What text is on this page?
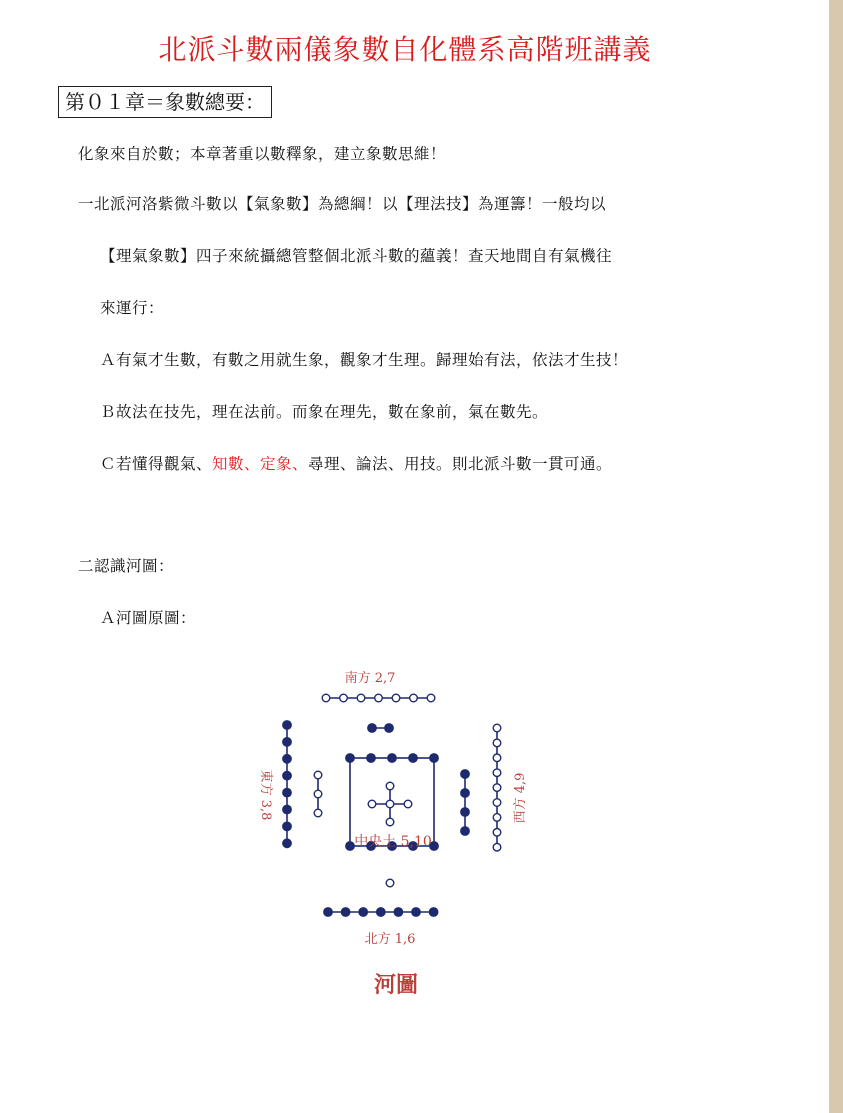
北派斗數兩儀象數自化體系高階班講義
第０１章＝象數總要：
化象來自於數；本章著重以數釋象，建立象數思維！
一北派河洛紫微斗數以【氣象數】為總綱！以【理法技】為運籌！一般均以
【理氣象數】四子來統攝總管整個北派斗數的蘊義！查天地間自有氣機往
來運行：
Ａ有氣才生數，有數之用就生象，觀象才生理。歸理始有法，依法才生技！
Ｂ故法在技先，理在法前。而象在理先，數在象前，氣在數先。
Ｃ若懂得觀氣、知數、定象、尋理、論法、用技。則北派斗數一貫可通。
二認識河圖：
Ａ河圖原圖：
南方 2,7
北方 1,6
東方 3,8	西方 4,9
中央土 5,10
河圖
